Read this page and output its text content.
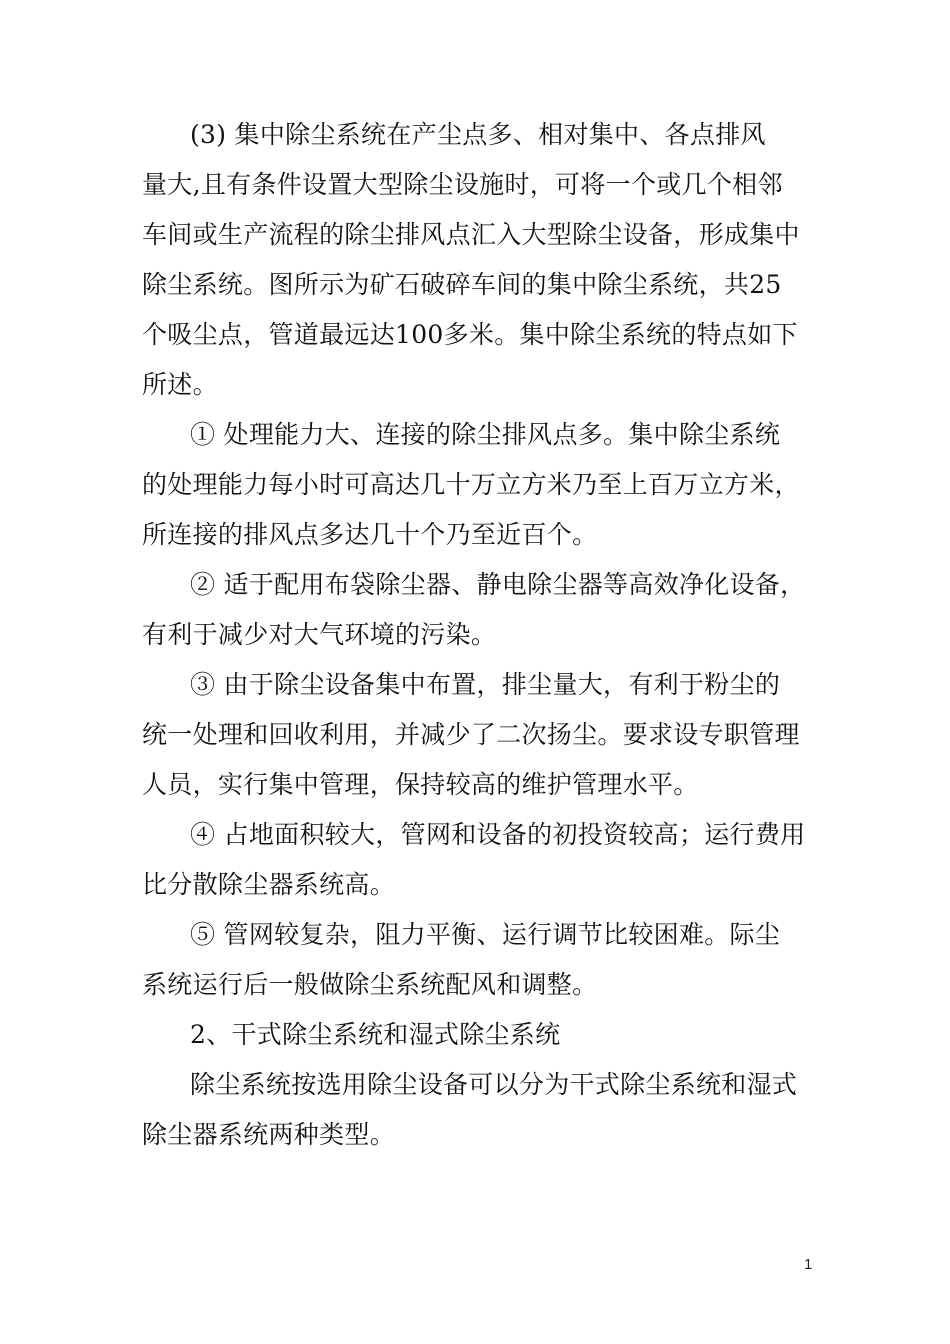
(3) 集中除尘系统在产尘点多、相对集中、各点排风
量大,且有条件设置大型除尘设施时，可将一个或几个相邻
车间或生产流程的除尘排风点汇入大型除尘设备，形成集中
除尘系统。图所示为矿石破碎车间的集中除尘系统，共25
个吸尘点，管道最远达100多米。集中除尘系统的特点如下
所述。
① 处理能力大、连接的除尘排风点多。集中除尘系统
的处理能力每小时可高达几十万立方米乃至上百万立方米，
所连接的排风点多达几十个乃至近百个。
② 适于配用布袋除尘器、静电除尘器等高效净化设备，
有利于减少对大气环境的污染。
③ 由于除尘设备集中布置，排尘量大，有利于粉尘的
统一处理和回收利用，并减少了二次扬尘。要求设专职管理
人员，实行集中管理，保持较高的维护管理水平。
④ 占地面积较大，管网和设备的初投资较高；运行费用
比分散除尘器系统高。
⑤ 管网较复杂，阻力平衡、运行调节比较困难。际尘
系统运行后一般做除尘系统配风和调整。
2、干式除尘系统和湿式除尘系统
除尘系统按选用除尘设备可以分为干式除尘系统和湿式
除尘器系统两种类型。
1
